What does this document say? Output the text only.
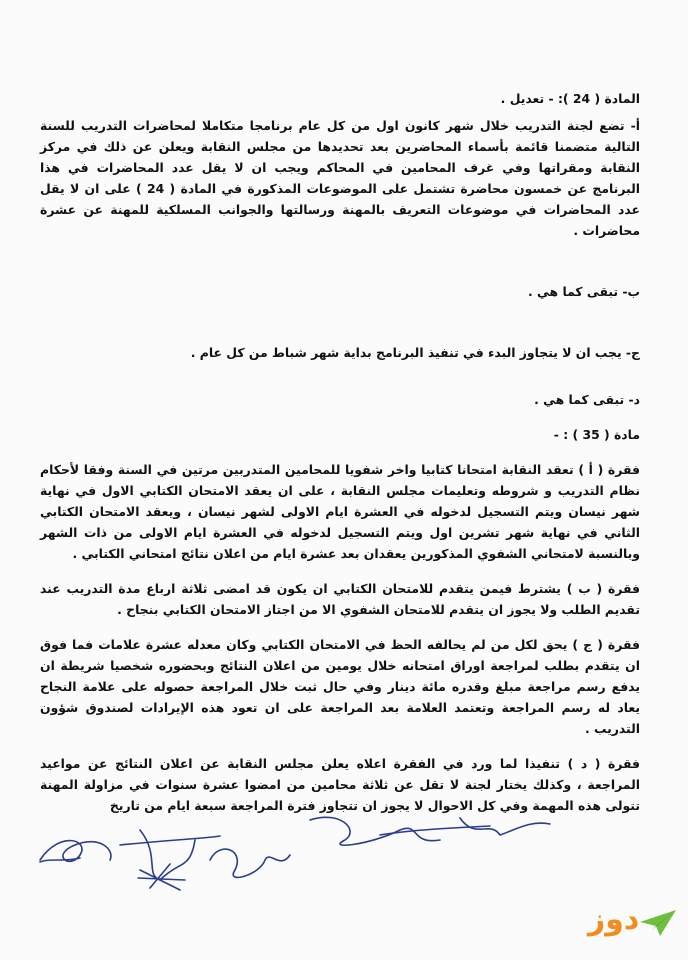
المادة ( 24 ): - تعديل .

أ- تضع لجنة التدريب خلال شهر كانون اول من كل عام برنامجا متكاملا لمحاضرات التدريب للسنة التالية متضمنا قائمة بأسماء المحاضرين بعد تحديدها من مجلس النقابة ويعلن عن ذلك في مركز النقابة ومقراتها وفي غرف المحامين في المحاكم ويجب ان لا يقل عدد المحاضرات في هذا البرنامج عن خمسون محاضرة تشتمل على الموضوعات المذكورة في المادة ( 24 ) على ان لا يقل عدد المحاضرات في موضوعات التعريف بالمهنة ورسالتها والجوانب المسلكية للمهنة عن عشرة محاضرات .

ب- تبقى كما هي .

ج- يجب ان لا يتجاوز البدء في تنفيذ البرنامج بداية شهر شباط من كل عام .

د- تبقى كما هي .

مادة ( 35 ) : -

فقرة ( أ ) تعقد النقابة امتحانا كتابيا واخر شفويا للمحامين المتدربين مرتين في السنة وفقا لأحكام نظام التدريب و شروطه وتعليمات مجلس النقابة ، على ان يعقد الامتحان الكتابي الاول في نهاية شهر نيسان ويتم التسجيل لدخوله في العشرة ايام الاولى لشهر نيسان ، ويعقد الامتحان الكتابي الثاني في نهاية شهر تشرين اول ويتم التسجيل لدخوله في العشرة ايام الاولى من ذات الشهر وبالنسبة لامتحاني الشفوي المذكورين يعقدان بعد عشرة ايام من اعلان نتائج امتحاني الكتابي .

فقرة ( ب ) يشترط فيمن يتقدم للامتحان الكتابي ان يكون قد امضى ثلاثة ارباع مدة التدريب عند تقديم الطلب ولا يجوز ان يتقدم للامتحان الشفوي الا من اجتاز الامتحان الكتابي بنجاح .

فقرة ( ج ) يحق لكل من لم يحالفه الحظ في الامتحان الكتابي وكان معدله عشرة علامات فما فوق ان يتقدم بطلب لمراجعة اوراق امتحانه خلال يومين من اعلان النتائج وبحضوره شخصيا شريطة ان يدفع رسم مراجعة مبلغ وقدره مائة دينار وفي حال ثبت خلال المراجعة حصوله على علامة النجاح يعاد له رسم المراجعة وتعتمد العلامة بعد المراجعة على ان تعود هذه الإيرادات لصندوق شؤون التدريب .

فقرة ( د ) تنفيذا لما ورد في الفقرة اعلاه يعلن مجلس النقابة عن اعلان النتائج عن مواعيد المراجعة ، وكذلك يختار لجنة لا تقل عن ثلاثة محامين من امضوا عشرة سنوات في مزاولة المهنة تتولى هذه المهمة وفي كل الاحوال لا يجوز ان تتجاوز فترة المراجعة سبعة ايام من تاريخ

دوز
